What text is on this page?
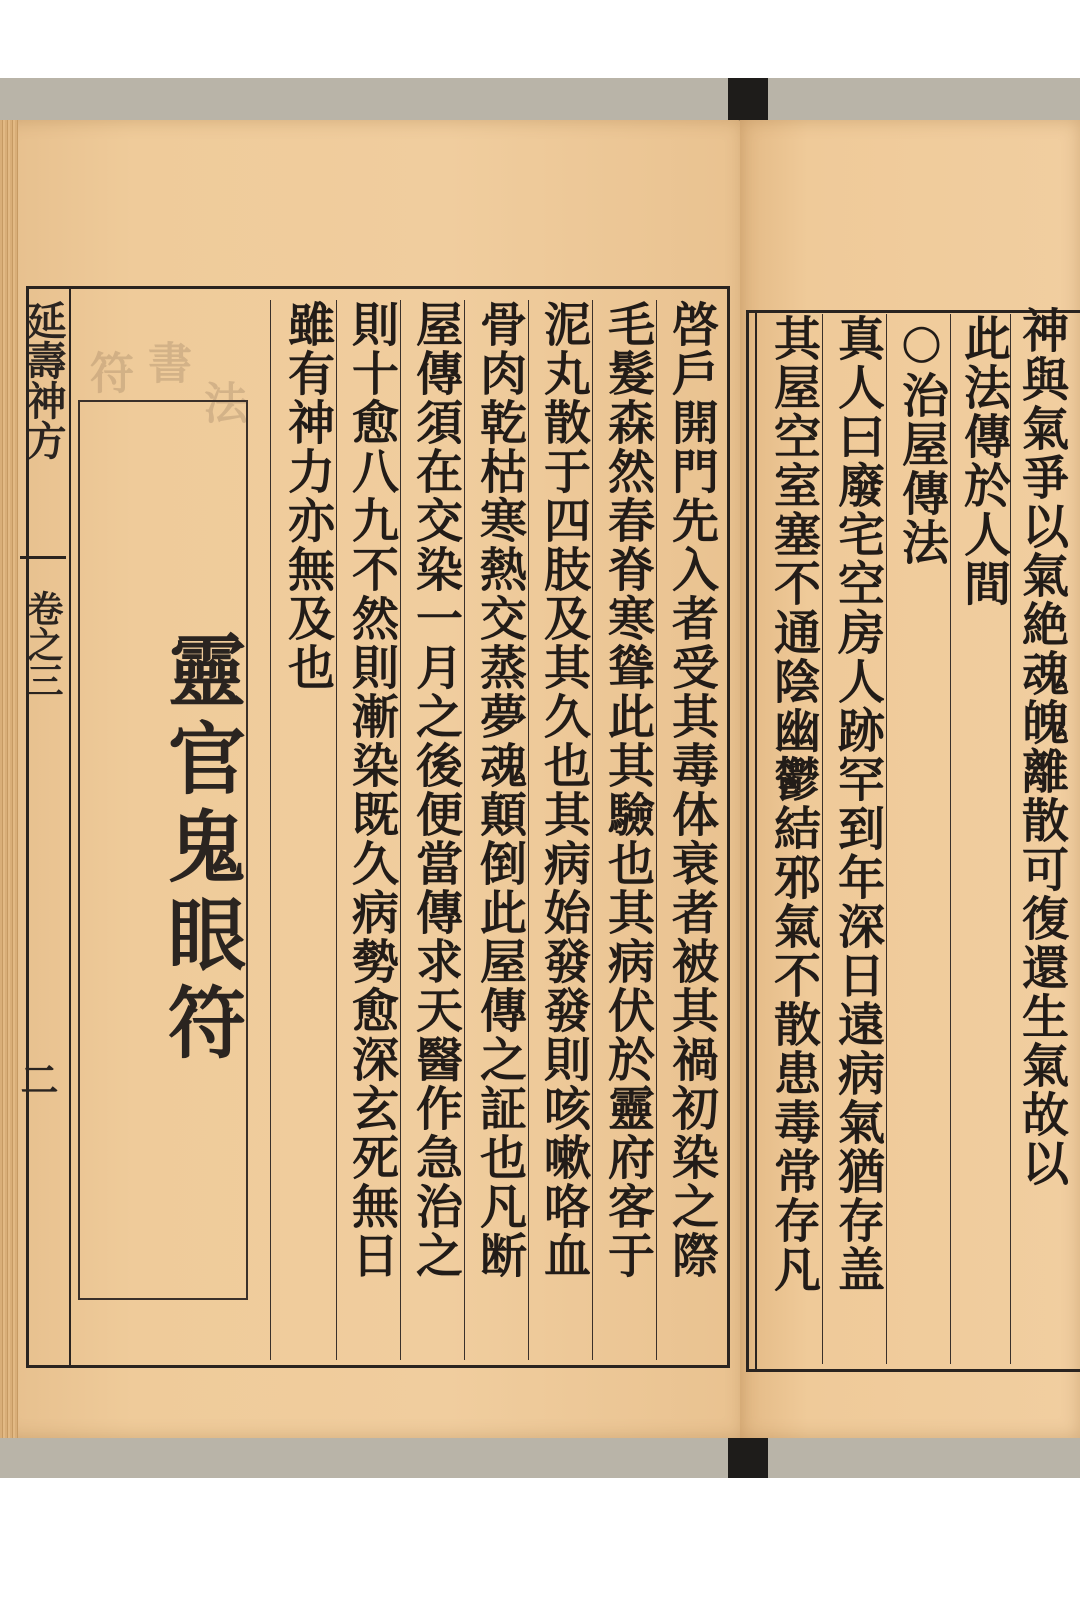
延壽神方
卷之三
二
法
書
符
靈官鬼眼符	啓戶開門先入者受其毒体衰者被其禍初染之際
毛髮森然春脊寒聳此其驗也其病伏於靈府客于
泥丸散于四肢及其久也其病始發發則咳嗽咯血
骨肉乾枯寒熱交蒸夢魂顛倒此屋傳之証也凡断
屋傳須在交染一月之後便當傳求天醫作急治之
則十愈八九不然則漸染既久病勢愈深玄死無日
雖有神力亦無及也	神與氣爭以氣絶魂魄離散可復還生氣故以
此法傳於人間
○治屋傳法
真人曰廢宅空房人跡罕到年深日遠病氣猶存盖
其屋空室塞不通陰幽鬱結邪氣不散患毒常存凡
